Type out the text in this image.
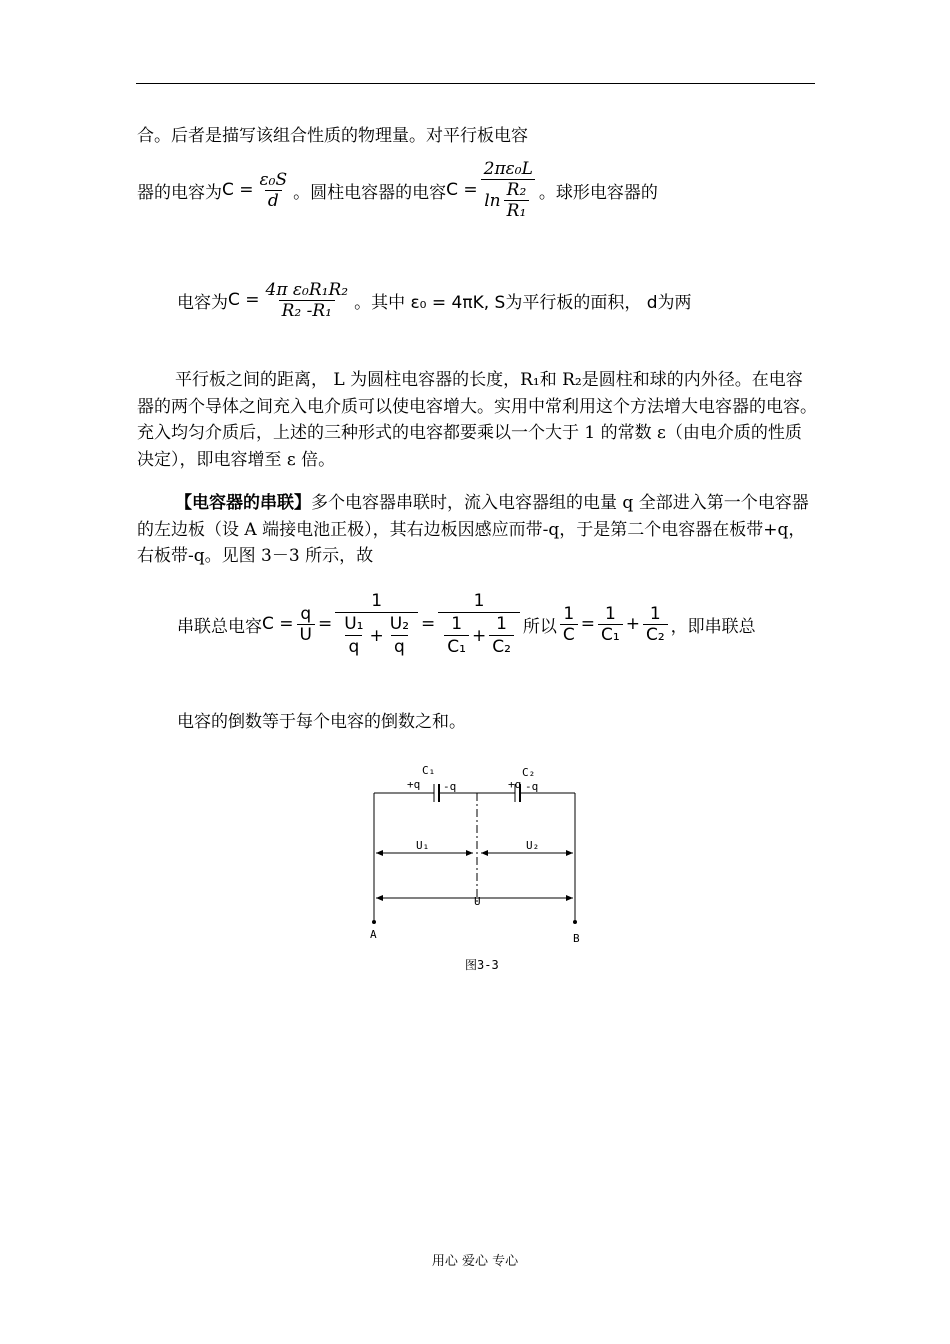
合。后者是描写该组合性质的物理量。对平行板电容
器的电容为 $C = \frac{\text{ε₀S}}{d}$ 。圆柱电容器的电容 $C = \frac{\text{2πε₀L}}{\ln \frac{\text{R₂}}{\text{R₁}}}$ 。球形电容器的
电容为 $C = \frac{\text{4π ε₀R₁R₂}}{\text{R₂ -R₁}}$ 。其中 ε₀ = 4πK, S为平行板的面积， d为两
平行板之间的距离， L 为圆柱电容器的长度，R₁和 R₂是圆柱和球的内外径。在电容器的两个导体之间充入电介质可以使电容增大。实用中常利用这个方法增大电容器的电容。充入均匀介质后，上述的三种形式的电容都要乘以一个大于 1 的常数 ε（由电介质的性质决定），即电容增至 ε 倍。
【电容器的串联】多个电容器串联时，流入电容器组的电量 q 全部进入第一个电容器的左边板（设 A 端接电池正极），其右边板因感应而带-q，于是第二个电容器在板带+q，右板带-q。见图 3－3 所示，故
串联总电容 $C = \frac{q}{U} = \frac{1}{\frac{\text{U₁}}{q} + \frac{\text{U₂}}{q}} = \frac{1}{\frac{1}{\text{C₁}} + \frac{1}{\text{C₂}}}$ 所以 $\frac{1}{C} = \frac{1}{\text{C₁}} + \frac{1}{\text{C₂}}$ ，即串联总
电容的倒数等于每个电容的倒数之和。
C₁
+q -q
C₂
+q -q
U₁	U₂
U
A	B
图3-3
用心 爱心 专心
